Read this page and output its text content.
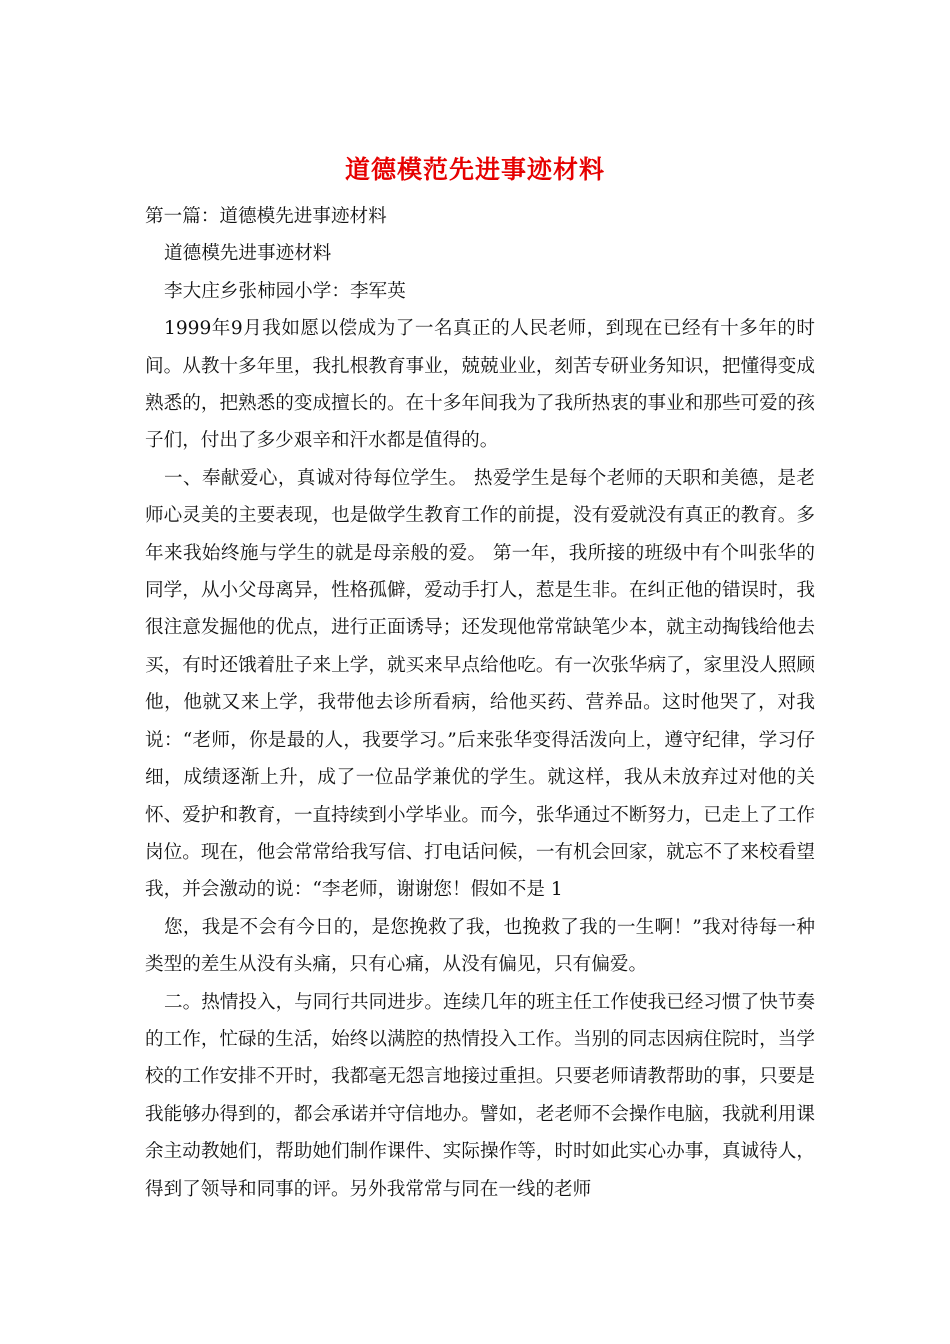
道德模范先进事迹材料

第一篇：道德模先进事迹材料

道德模先进事迹材料

李大庄乡张柿园小学：李军英

1999年9月我如愿以偿成为了一名真正的人民老师，到现在已经有十多年的时间。从教十多年里，我扎根教育事业，兢兢业业，刻苦专研业务知识，把懂得变成熟悉的，把熟悉的变成擅长的。在十多年间我为了我所热衷的事业和那些可爱的孩子们，付出了多少艰辛和汗水都是值得的。

一、奉献爱心，真诚对待每位学生。 热爱学生是每个老师的天职和美德，是老师心灵美的主要表现，也是做学生教育工作的前提，没有爱就没有真正的教育。多年来我始终施与学生的就是母亲般的爱。 第一年，我所接的班级中有个叫张华的同学，从小父母离异，性格孤僻，爱动手打人，惹是生非。在纠正他的错误时，我很注意发掘他的优点，进行正面诱导；还发现他常常缺笔少本，就主动掏钱给他去买，有时还饿着肚子来上学，就买来早点给他吃。有一次张华病了，家里没人照顾他，他就又来上学，我带他去诊所看病，给他买药、营养品。这时他哭了，对我说：“老师，你是最的人，我要学习。”后来张华变得活泼向上，遵守纪律，学习仔细，成绩逐渐上升，成了一位品学兼优的学生。就这样，我从未放弃过对他的关怀、爱护和教育，一直持续到小学毕业。而今，张华通过不断努力，已走上了工作岗位。现在，他会常常给我写信、打电话问候，一有机会回家，就忘不了来校看望我，并会激动的说：“李老师，谢谢您！假如不是 1

您，我是不会有今日的，是您挽救了我，也挽救了我的一生啊！”我对待每一种类型的差生从没有头痛，只有心痛，从没有偏见，只有偏爱。

二。热情投入，与同行共同进步。连续几年的班主任工作使我已经习惯了快节奏的工作，忙碌的生活，始终以满腔的热情投入工作。当别的同志因病住院时，当学校的工作安排不开时，我都毫无怨言地接过重担。只要老师请教帮助的事，只要是我能够办得到的，都会承诺并守信地办。譬如，老老师不会操作电脑，我就利用课余主动教她们，帮助她们制作课件、实际操作等，时时如此实心办事，真诚待人，得到了领导和同事的评。另外我常常与同在一线的老师
